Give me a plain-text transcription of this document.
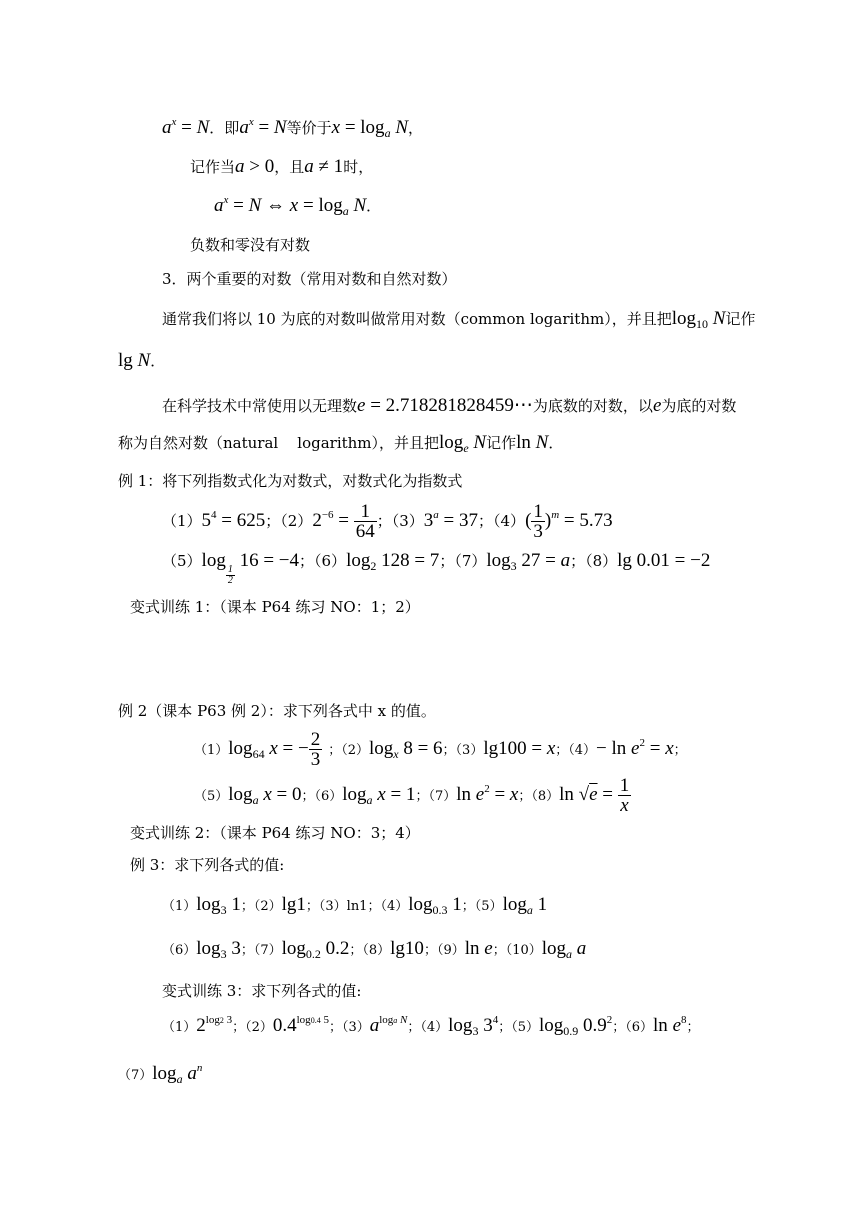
$a^x = N$．即$a^x = N$等价于$x = \log_a N$，
记作当a > 0，且a ≠ 1时，
$a^x = N$ ⇔ $x = \log_a N$．
负数和零没有对数
3．两个重要的对数（常用对数和自然对数）
通常我们将以 10 为底的对数叫做常用对数（common logarithm），并且把$\log_{10} N$记作
lg N．
在科学技术中常使用以无理数e = 2.718281828459⋯为底数的对数，以e为底的对数
称为自然对数（natural    logarithm），并且把$\log_e N$记作ln N．
例 1：将下列指数式化为对数式，对数式化为指数式
$(1)5^4 = 625$；$(2)2^{-6} = \frac{1}{64}$ ；$(3)3^a = 37$；$(4)( \frac{1}{3} )^m = 5.73$
（5）log
$_{\frac{1}{2}}$
16 = −4；$(6)\log_2$ 128 = 7；$(7)\log_3$ 27 = a；（8）lg 0.01 = −2
变式训练 1：（课本 P64 练习 NO：1；2）
例 2（课本 P63 例 2）：求下列各式中 x 的值。
$(1)\log_{64}$ x = − $\frac{2}{3}$ ；$(2)\log_x$ 8 = 6；（3）lg100 = x；$(4)- \ln e^2 = x$；
$(5)\log_a$ x = 0；$(6)\log_a$ x = 1；（7）ln $e^2 = x$；（8）ln $√e = \frac{1}{x}$
变式训练 2：（课本 P64 练习 NO：3；4）
例 3：求下列各式的值:
$(1)\log_3$ 1；（2）lg1；（3）ln1；$(4)\log_{0.3}$ 1；$(5)\log_a$ 1
$(6)\log_3$ 3；$(7)\log_{0.2}$ 0.2；（8）lg10；（9）ln e；$(10)\log_a$ a
变式训练 3：求下列各式的值:
$(1)2^{log2 3}$；$(2)0.4^{log0.4 5}$；$(3)a^{loga N}$；$(4)\log_3$ $3^4$；$(5)\log_{0.9}$ $0.9^2$；（6）ln $e^8$；
$(7)\log_a$ $a^n$
